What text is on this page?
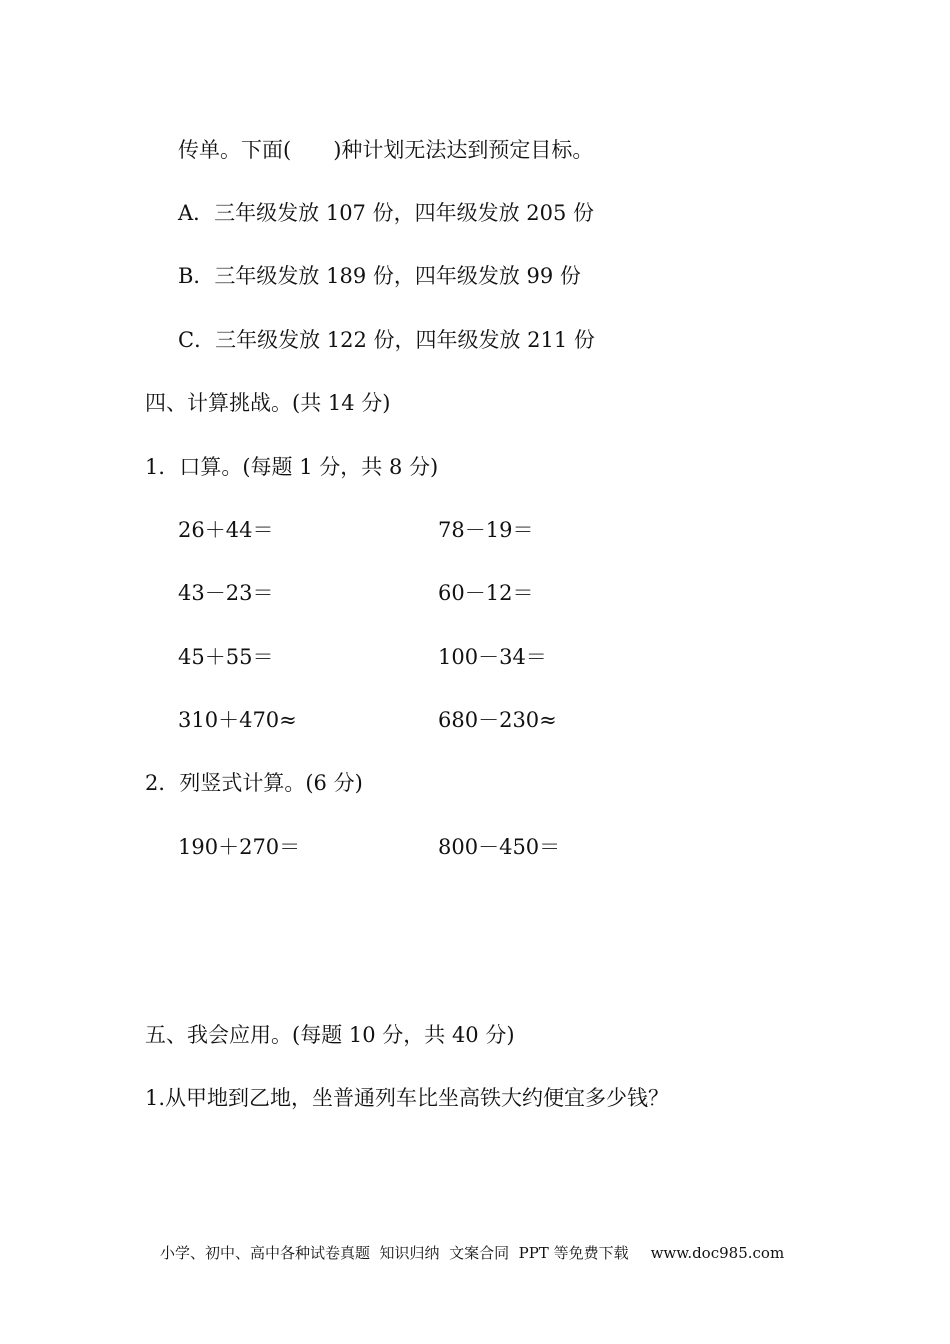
传单。下面(　　 )种计划无法达到预定目标。
A．三年级发放 107 份，四年级发放 205 份
B．三年级发放 189 份，四年级发放 99 份
C．三年级发放 122 份，四年级发放 211 份
四、计算挑战。(共 14 分)
1．口算。(每题 1 分，共 8 分)
26＋44＝	78－19＝
43－23＝	60－12＝
45＋55＝	100－34＝
310＋470≈	680－230≈
2．列竖式计算。(6 分)
190＋270＝	800－450＝
五、我会应用。(每题 10 分，共 40 分)
1.从甲地到乙地，坐普通列车比坐高铁大约便宜多少钱？
小学、初中、高中各种试卷真题  知识归纳  文案合同  PPT 等免费下载 www.doc985.com
